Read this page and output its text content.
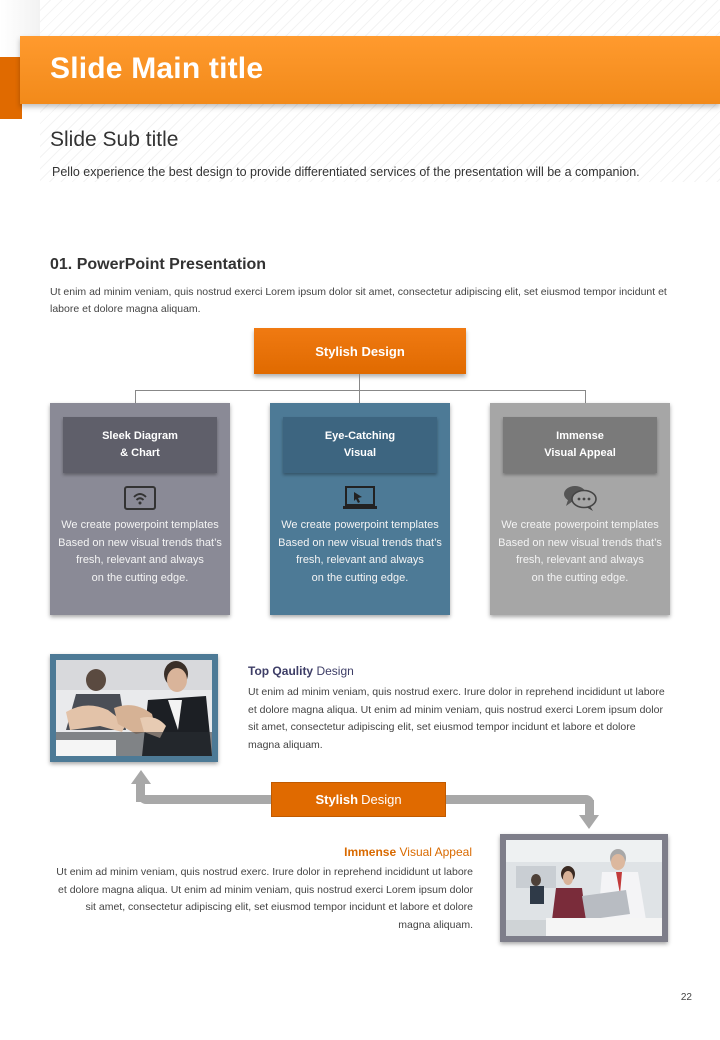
Slide Main title
Slide Sub title
Pello experience the best design to provide differentiated services of the presentation will be a companion.
01. PowerPoint Presentation
Ut enim ad minim veniam, quis nostrud exerci Lorem ipsum dolor sit amet, consectetur adipiscing elit, set eiusmod tempor incidunt et labore et dolore magna aliquam.
Stylish Design
Sleek Diagram
& Chart
We create powerpoint templates Based on new visual trends that’s fresh, relevant and always
on the cutting edge.
Eye-Catching
Visual
We create powerpoint templates Based on new visual trends that’s fresh, relevant and always
on the cutting edge.
Immense
Visual Appeal
We create powerpoint templates Based on new visual trends that’s fresh, relevant and always
on the cutting edge.
Top Qaulity Design
Ut enim ad minim veniam, quis nostrud exerc. Irure dolor in reprehend incididunt ut labore et dolore magna aliqua. Ut enim ad minim veniam, quis nostrud exerci Lorem ipsum dolor sit amet, consectetur adipiscing elit, set eiusmod tempor incidunt et labore et dolore magna aliquam.
Stylish Design
Immense Visual Appeal
Ut enim ad minim veniam, quis nostrud exerc. Irure dolor in reprehend incididunt ut labore et dolore magna aliqua. Ut enim ad minim veniam, quis nostrud exerci Lorem ipsum dolor sit amet, consectetur adipiscing elit, set eiusmod tempor incidunt et labore et dolore magna aliquam.
22
